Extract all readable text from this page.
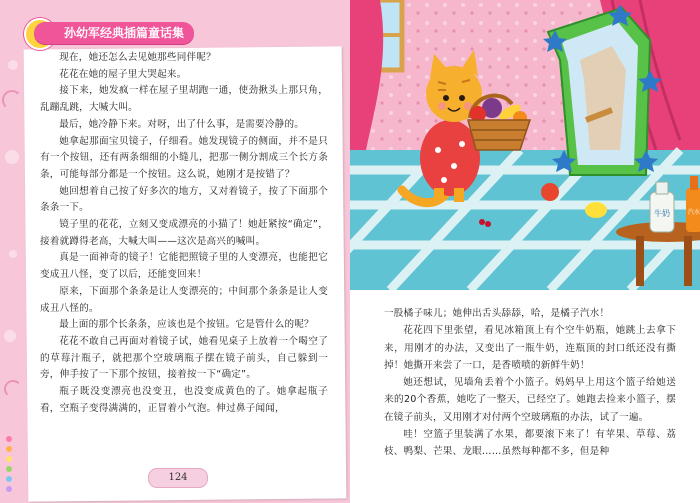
孙幼军经典插篇童话集

现在，她还怎么去见她那些同伴呢？

花花在她的屋子里大哭起来。

接下来，她发疯一样在屋子里胡跑一通，使劲揪头上那只角，乱蹦乱跳，大喊大叫。

最后，她冷静下来。对呀，出了什么事，是需要冷静的。

她拿起那面宝贝镜子，仔细看。她发现镜子的侧面，并不是只有一个按钮，还有两条细细的小缝儿，把那一侧分割成三个长方条条，可能每部分都是一个按钮。这么说，她刚才是按错了？

她回想着自己按了好多次的地方，又对着镜子，按了下面那个条条一下。

镜子里的花花，立刻又变成漂亮的小猫了！她赶紧按“确定”，接着就蹲得老高，大喊大叫——这次是高兴的喊叫。

真是一面神奇的镜子！它能把照镜子里的人变漂亮，也能把它变成丑八怪，变了以后，还能变回来！

原来，下面那个条条是让人变漂亮的；中间那个条条是让人变成丑八怪的。

最上面的那个长条条，应该也是个按钮。它是管什么的呢？

花花不敢自己再面对着镜子试，她看见桌子上放着一个喝空了的草莓汁瓶子，就把那个空玻璃瓶子摆在镜子前头，自己躲到一旁，伸手按了一下那个按钮，接着按一下“确定”。

瓶子既没变漂亮也没变丑，也没变成黄色的了。她拿起瓶子看，空瓶子变得满满的，正冒着小气泡。伸过鼻子闻闻，

124
牛奶	汽水

一股橘子味儿；她伸出舌头舔舔，哈，是橘子汽水！

花花四下里张望，看见冰箱顶上有个空牛奶瓶，她跳上去拿下来，用刚才的办法，又变出了一瓶牛奶，连瓶顶的封口纸还没有撕掉！她撕开来尝了一口，是香喷喷的新鲜牛奶！

她还想试，见墙角丢着个小篮子。妈妈早上用这个篮子给她送来的20个香蕉，她吃了一整天，已经空了。她跑去捡来小篮子，摆在镜子前头，又用刚才对付两个空玻璃瓶的办法，试了一遍。

哇！空篮子里装满了水果，都要滚下来了！有苹果、草莓、荔枝、鸭梨、芒果、龙眼……虽然每种都不多，但是种
